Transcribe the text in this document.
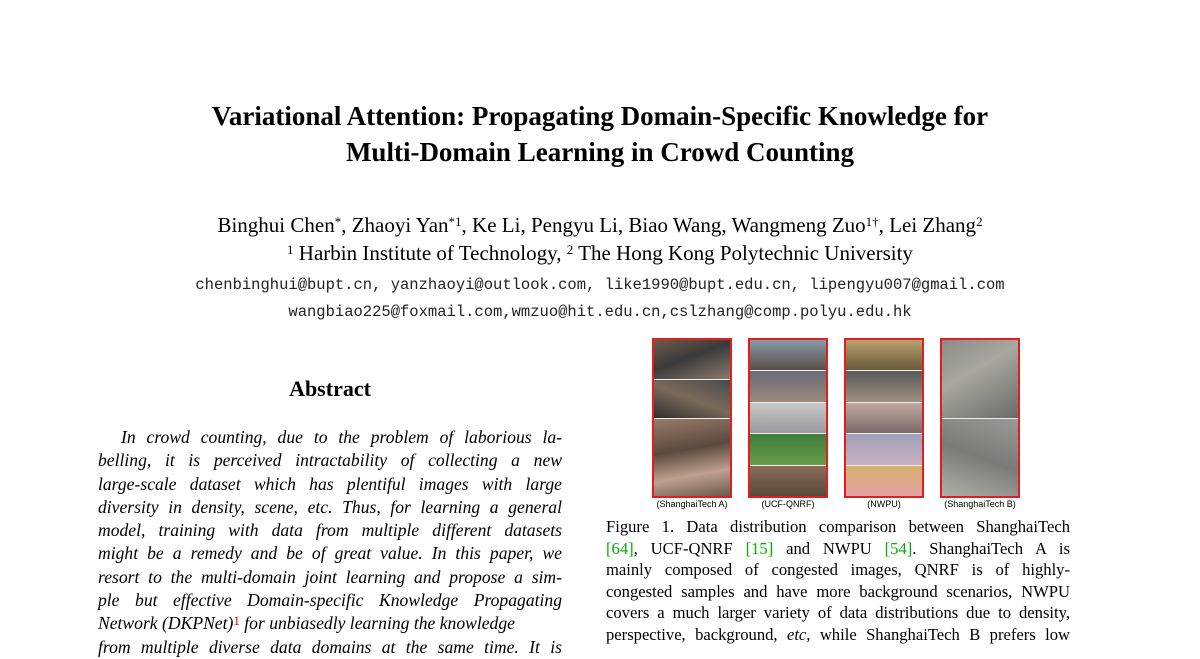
Variational Attention: Propagating Domain-Specific Knowledge for
Multi-Domain Learning in Crowd Counting
Binghui Chen*, Zhaoyi Yan$^{*1}$, Ke Li, Pengyu Li, Biao Wang, Wangmeng Zuo$^{1\dagger}$, Lei Zhang$^2$
$^1$ Harbin Institute of Technology, $^2$ The Hong Kong Polytechnic University
chenbinghui@bupt.cn, yanzhaoyi@outlook.com, like1990@bupt.edu.cn, lipengyu007@gmail.com
wangbiao225@foxmail.com,wmzuo@hit.edu.cn,cslzhang@comp.polyu.edu.hk
Abstract
In crowd counting, due to the problem of laborious la-
belling, it is perceived intractability of collecting a new
large-scale dataset which has plentiful images with large
diversity in density, scene, etc. Thus, for learning a general
model, training with data from multiple different datasets
might be a remedy and be of great value. In this paper, we
resort to the multi-domain joint learning and propose a sim-
ple but effective Domain-specific Knowledge Propagating
Network (DKPNet)$^1$ for unbiasedly learning the knowledge
from multiple diverse data domains at the same time. It is
(ShanghaiTech A)	(UCF-QNRF)	(NWPU)	(ShanghaiTech B)
Figure 1. Data distribution comparison between ShanghaiTech
[64], UCF-QNRF [15] and NWPU [54]. ShanghaiTech A is
mainly composed of congested images, QNRF is of highly-
congested samples and have more background scenarios, NWPU
covers a much larger variety of data distributions due to density,
perspective, background, etc, while ShanghaiTech B prefers low
